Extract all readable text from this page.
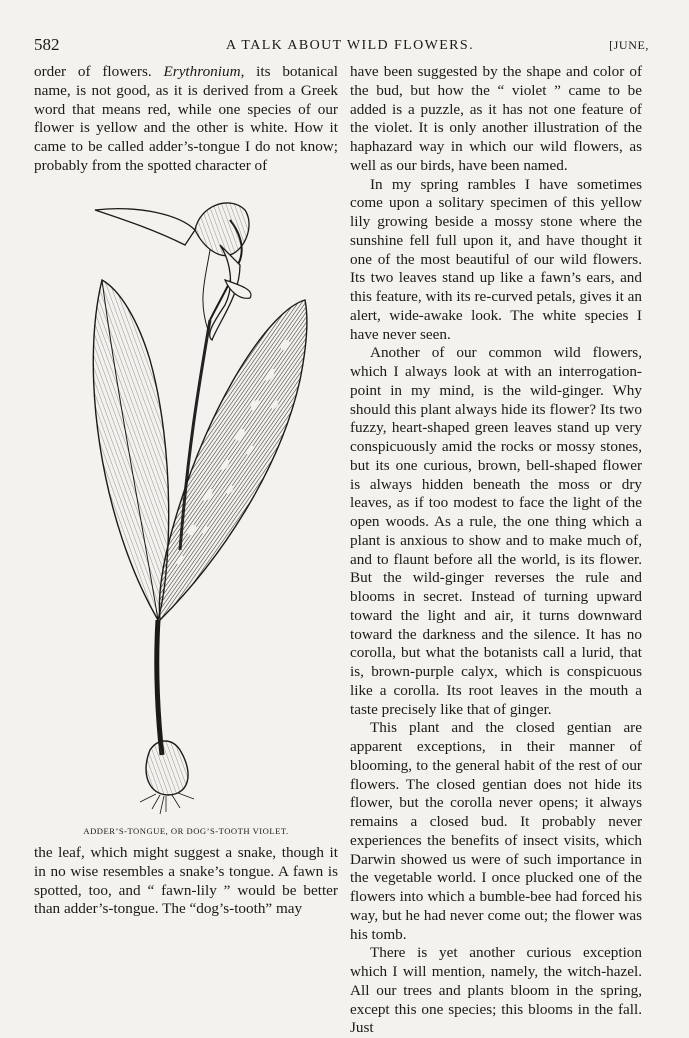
582	A TALK ABOUT WILD FLOWERS.	[JUNE,

order of flowers. Erythronium, its botanical name, is not good, as it is derived from a Greek word that means red, while one species of our flower is yellow and the other is white. How it came to be called adder’s-tongue I do not know; probably from the spotted character of

ADDER’S-TONGUE, OR DOG’S-TOOTH VIOLET.

the leaf, which might suggest a snake, though it in no wise resembles a snake’s tongue. A fawn is spotted, too, and “ fawn-lily ” would be better than adder’s-tongue. The “dog’s-tooth” may

have been suggested by the shape and color of the bud, but how the “ violet ” came to be added is a puzzle, as it has not one feature of the violet. It is only another illustration of the haphazard way in which our wild flowers, as well as our birds, have been named.

In my spring rambles I have sometimes come upon a solitary specimen of this yellow lily growing beside a mossy stone where the sunshine fell full upon it, and have thought it one of the most beautiful of our wild flowers. Its two leaves stand up like a fawn’s ears, and this feature, with its re-curved petals, gives it an alert, wide-awake look. The white species I have never seen.

Another of our common wild flowers, which I always look at with an interrogation-point in my mind, is the wild-ginger. Why should this plant always hide its flower? Its two fuzzy, heart-shaped green leaves stand up very conspicuously amid the rocks or mossy stones, but its one curious, brown, bell-shaped flower is always hidden beneath the moss or dry leaves, as if too modest to face the light of the open woods. As a rule, the one thing which a plant is anxious to show and to make much of, and to flaunt before all the world, is its flower. But the wild-ginger reverses the rule and blooms in secret. Instead of turning upward toward the light and air, it turns downward toward the darkness and the silence. It has no corolla, but what the botanists call a lurid, that is, brown-purple calyx, which is conspicuous like a corolla. Its root leaves in the mouth a taste precisely like that of ginger.

This plant and the closed gentian are apparent exceptions, in their manner of blooming, to the general habit of the rest of our flowers. The closed gentian does not hide its flower, but the corolla never opens; it always remains a closed bud. It probably never experiences the benefits of insect visits, which Darwin showed us were of such importance in the vegetable world. I once plucked one of the flowers into which a bumble-bee had forced his way, but he had never come out; the flower was his tomb.

There is yet another curious exception which I will mention, namely, the witch-hazel. All our trees and plants bloom in the spring, except this one species; this blooms in the fall. Just
